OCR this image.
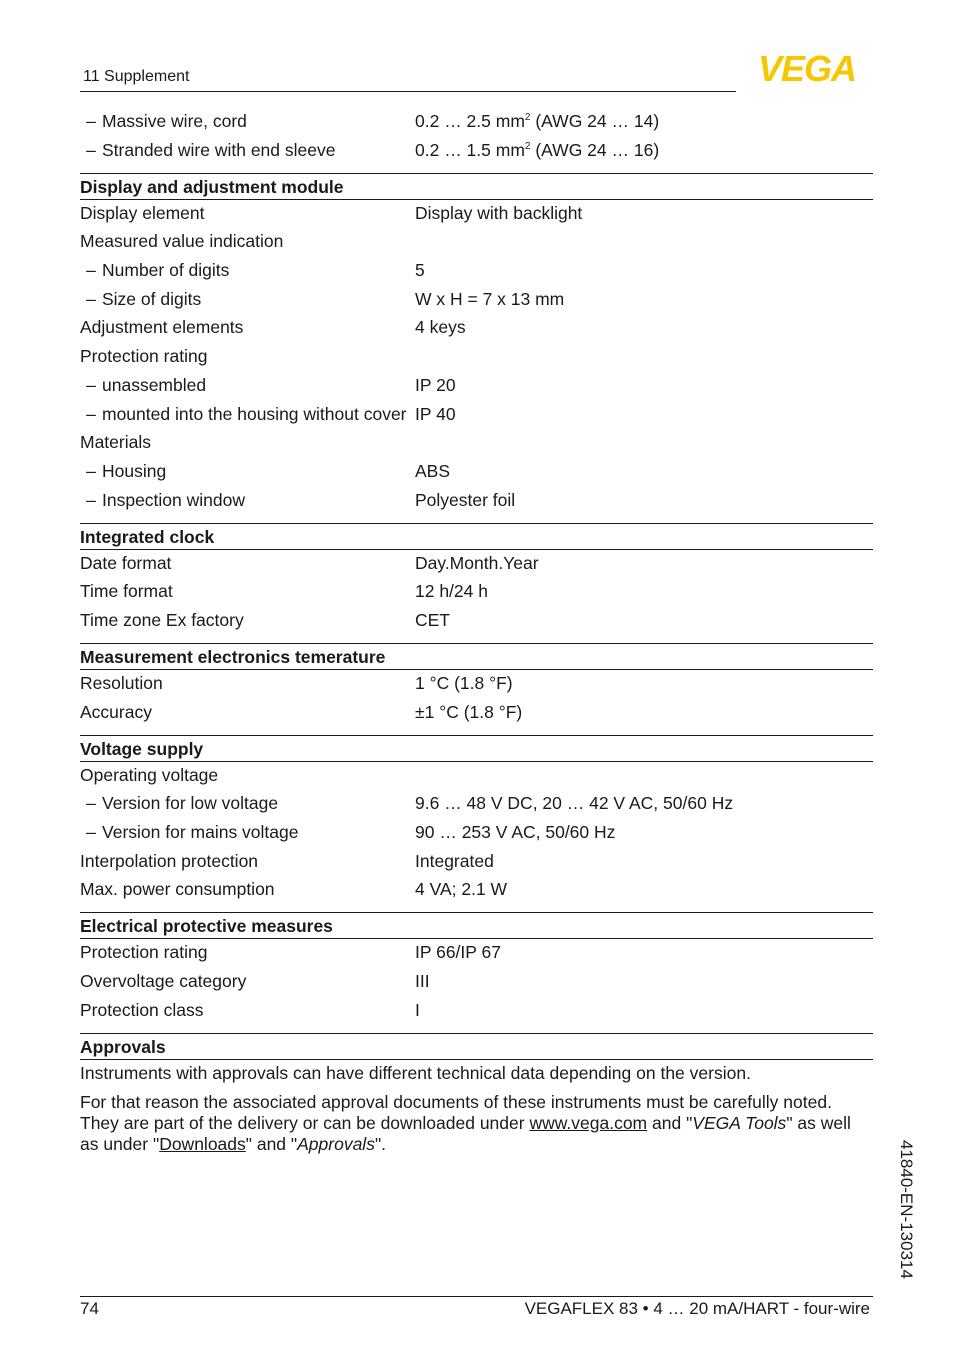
11 Supplement	VEGA
– Massive wire, cord	0.2 … 2.5 $mm^2$ (AWG 24 … 14)
– Stranded wire with end sleeve	0.2 … 1.5 $mm^2$ (AWG 24 … 16)
Display and adjustment module
Display element	Display with backlight
Measured value indication
– Number of digits	5
– Size of digits	W x H = 7 x 13 mm
Adjustment elements	4 keys
Protection rating
– unassembled	IP 20
– mounted into the housing without cover IP 40
Materials
– Housing	ABS
– Inspection window	Polyester foil
Integrated clock
Date format	Day.Month.Year
Time format	12 h/24 h
Time zone Ex factory	CET
Measurement electronics temerature
Resolution	1 °C (1.8 °F)
Accuracy	±1 °C (1.8 °F)
Voltage supply
Operating voltage
– Version for low voltage	9.6 … 48 V DC, 20 … 42 V AC, 50/60 Hz
– Version for mains voltage	90 … 253 V AC, 50/60 Hz
Interpolation protection	Integrated
Max. power consumption	4 VA; 2.1 W
Electrical protective measures
Protection rating	IP 66/IP 67
Overvoltage category	III
Protection class	I
Approvals

Instruments with approvals can have different technical data depending on the version.

For that reason the associated approval documents of these instruments must be carefully noted. They are part of the delivery or can be downloaded under www.vega.com and "VEGA Tools" as well as under "Downloads" and "Approvals".	41840-EN-130314
74	VEGAFLEX 83 • 4 … 20 mA/HART - four-wire
